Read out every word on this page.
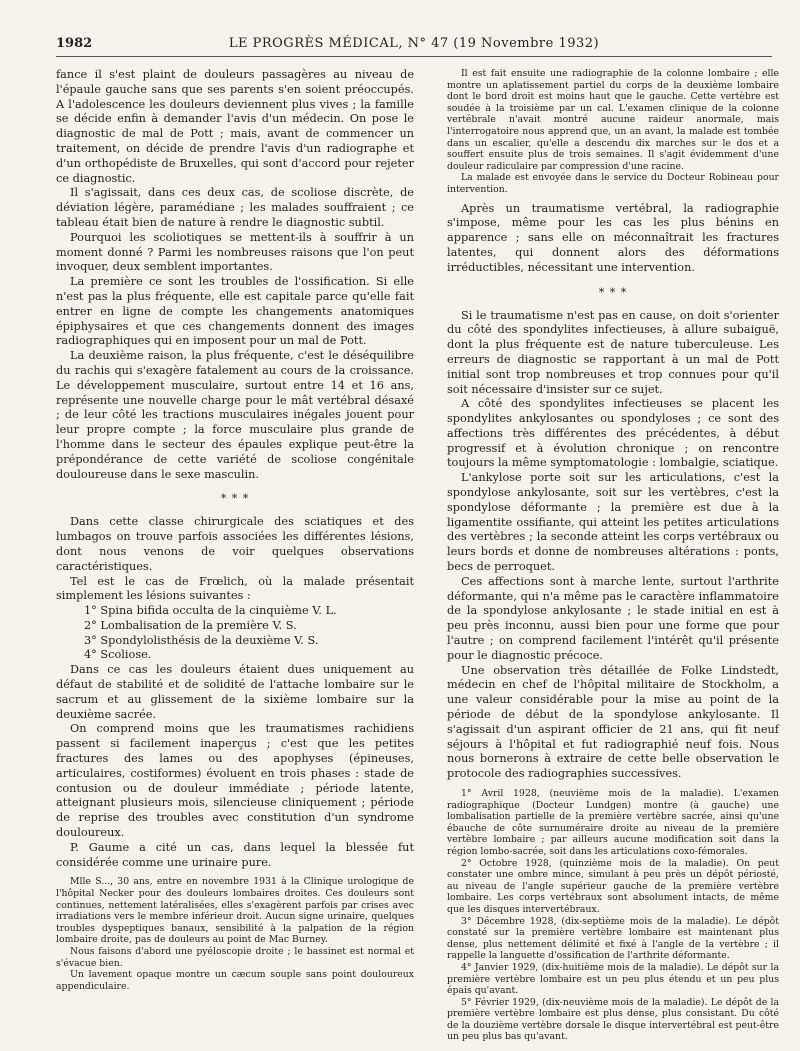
1982	LE PROGRÈS MÉDICAL, N° 47 (19 Novembre 1932)

fance il s'est plaint de douleurs passagères au niveau de l'épaule gauche sans que ses parents s'en soient préoccupés. A l'adolescence les douleurs deviennent plus vives ; la famille se décide enfin à demander l'avis d'un médecin. On pose le diagnostic de mal de Pott ; mais, avant de commencer un traitement, on décide de prendre l'avis d'un radiographe et d'un orthopédiste de Bruxelles, qui sont d'accord pour rejeter ce diagnostic.

Il s'agissait, dans ces deux cas, de scoliose discrète, de déviation légère, paramédiane ; les malades souffraient ; ce tableau était bien de nature à rendre le diagnostic subtil.

Pourquoi les scoliotiques se mettent-ils à souffrir à un moment donné ? Parmi les nombreuses raisons que l'on peut invoquer, deux semblent importantes.

La première ce sont les troubles de l'ossification. Si elle n'est pas la plus fréquente, elle est capitale parce qu'elle fait entrer en ligne de compte les changements anatomiques épiphysaires et que ces changements donnent des images radiographiques qui en imposent pour un mal de Pott.

La deuxième raison, la plus fréquente, c'est le déséquilibre du rachis qui s'exagère fatalement au cours de la croissance. Le développement musculaire, surtout entre 14 et 16 ans, représente une nouvelle charge pour le mât vertébral désaxé ; de leur côté les tractions musculaires inégales jouent pour leur propre compte ; la force musculaire plus grande de l'homme dans le secteur des épaules explique peut-être la prépondérance de cette variété de scoliose congénitale douloureuse dans le sexe masculin.

* * *

Dans cette classe chirurgicale des sciatiques et des lumbagos on trouve parfois associées les différentes lésions, dont nous venons de voir quelques observations caractéristiques.

Tel est le cas de Frœlich, où la malade présentait simplement les lésions suivantes :

1° Spina bifida occulta de la cinquième V. L.

2° Lombalisation de la première V. S.

3° Spondylolisthésis de la deuxième V. S.

4° Scoliose.

Dans ce cas les douleurs étaient dues uniquement au défaut de stabilité et de solidité de l'attache lombaire sur le sacrum et au glissement de la sixième lombaire sur la deuxième sacrée.

On comprend moins que les traumatismes rachidiens passent si facilement inaperçus ; c'est que les petites fractures des lames ou des apophyses (épineuses, articulaires, costiformes) évoluent en trois phases : stade de contusion ou de douleur immédiate ; période latente, atteignant plusieurs mois, silencieuse cliniquement ; période de reprise des troubles avec constitution d'un syndrome douloureux.

P. Gaume a cité un cas, dans lequel la blessée fut considérée comme une urinaire pure.

Mlle S..., 30 ans, entre en novembre 1931 à la Clinique urologique de l'hôpital Necker pour des douleurs lombaires droites. Ces douleurs sont continues, nettement latéralisées, elles s'exagèrent parfois par crises avec irradiations vers le membre inférieur droit. Aucun signe urinaire, quelques troubles dyspeptiques banaux, sensibilité à la palpation de la région lombaire droite, pas de douleurs au point de Mac Burney.

Nous faisons d'abord une pyéloscopie droite ; le bassinet est normal et s'évacue bien.

Un lavement opaque montre un cæcum souple sans point douloureux appendiculaire.

Il est fait ensuite une radiographie de la colonne lombaire ; elle montre un aplatissement partiel du corps de la deuxième lombaire dont le bord droit est moins haut que le gauche. Cette vertèbre est soudée à la troisième par un cal. L'examen clinique de la colonne vertébrale n'avait montré aucune raideur anormale, mais l'interrogatoire nous apprend que, un an avant, la malade est tombée dans un escalier, qu'elle a descendu dix marches sur le dos et a souffert ensuite plus de trois semaines. Il s'agit évidemment d'une douleur radiculaire par compression d'une racine.

La malade est envoyée dans le service du Docteur Robineau pour intervention.

Après un traumatisme vertébral, la radiographie s'impose, même pour les cas les plus bénins en apparence ; sans elle on méconnaîtrait les fractures latentes, qui donnent alors des déformations irréductibles, nécessitant une intervention.

* * *

Si le traumatisme n'est pas en cause, on doit s'orienter du côté des spondylites infectieuses, à allure subaiguë, dont la plus fréquente est de nature tuberculeuse. Les erreurs de diagnostic se rapportant à un mal de Pott initial sont trop nombreuses et trop connues pour qu'il soit nécessaire d'insister sur ce sujet.

A côté des spondylites infectieuses se placent les spondylites ankylosantes ou spondyloses ; ce sont des affections très différentes des précédentes, à début progressif et à évolution chronique ; on rencontre toujours la même symptomatologie : lombalgie, sciatique.

L'ankylose porte soit sur les articulations, c'est la spondylose ankylosante, soit sur les vertèbres, c'est la spondylose déformante ; la première est due à la ligamentite ossifiante, qui atteint les petites articulations des vertèbres ; la seconde atteint les corps vertébraux ou leurs bords et donne de nombreuses altérations : ponts, becs de perroquet.

Ces affections sont à marche lente, surtout l'arthrite déformante, qui n'a même pas le caractère inflammatoire de la spondylose ankylosante ; le stade initial en est à peu près inconnu, aussi bien pour une forme que pour l'autre ; on comprend facilement l'intérêt qu'il présente pour le diagnostic précoce.

Une observation très détaillée de Folke Lindstedt, médecin en chef de l'hôpital militaire de Stockholm, a une valeur considérable pour la mise au point de la période de début de la spondylose ankylosante. Il s'agissait d'un aspirant officier de 21 ans, qui fit neuf séjours à l'hôpital et fut radiographié neuf fois. Nous nous bornerons à extraire de cette belle observation le protocole des radiographies successives.

1° Avril 1928, (neuvième mois de la maladie). L'examen radiographique (Docteur Lundgen) montre (à gauche) une lombalisation partielle de la première vertèbre sacrée, ainsi qu'une ébauche de côte surnuméraire droite au niveau de la première vertèbre lombaire ; par ailleurs aucune modification soit dans la région lombo-sacrée, soit dans les articulations coxo-fémorales.

2° Octobre 1928, (quinzième mois de la maladie). On peut constater une ombre mince, simulant à peu près un dépôt périosté, au niveau de l'angle supérieur gauche de la première vertèbre lombaire. Les corps vertébraux sont absolument intacts, de même que les disques intervertébraux.

3° Décembre 1928, (dix-septième mois de la maladie). Le dépôt constaté sur la première vertèbre lombaire est maintenant plus dense, plus nettement délimité et fixé à l'angle de la vertèbre ; il rappelle la languette d'ossification de l'arthrite déformante.

4° Janvier 1929, (dix-huitième mois de la maladie). Le dépôt sur la première vertèbre lombaire est un peu plus étendu et un peu plus épais qu'avant.

5° Février 1929, (dix-neuvième mois de la maladie). Le dépôt de la première vertèbre lombaire est plus dense, plus consistant. Du côté de la douzième vertèbre dorsale le disque intervertébral est peut-être un peu plus bas qu'avant.
